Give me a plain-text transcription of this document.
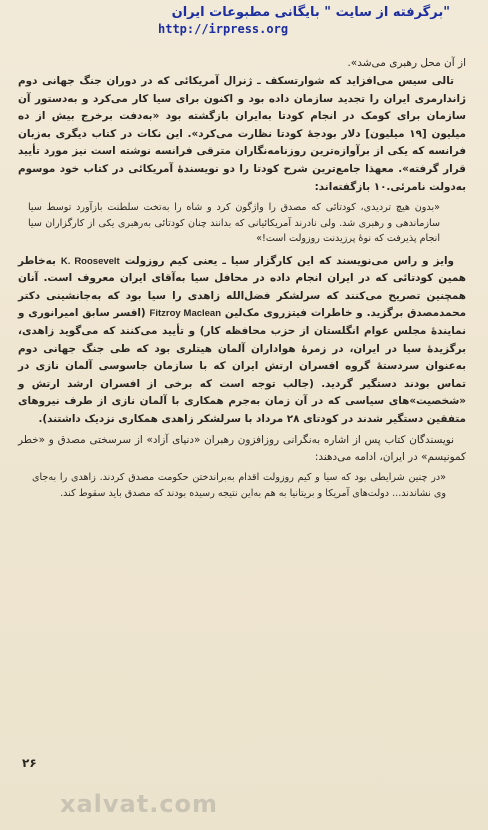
برگرفته از سایت " بایگانی مطبوعات ایران"
http://irpress.org
از آن محل رهبری می‌شد».

تالی سیس می‌افزاید که شوارتسکف ـ ژنرال آمریکائی که در دوران جنگ جهانی دوم ژاندارمری ایران را تجدید سازمان داده بود و اکنون برای سیا کار می‌کرد و به‌دستور آن سازمان برای کومک در انجام کودتا به‌ایران بازگشته بود «به‌دفت برخرج بیش از ده میلیون [۱۹ میلیون] دلار بودجهٔ کودتا نظارت می‌کرد». این نکات در کتاب دیگری به‌زبان فرانسه که یکی از برآوازه‌ترین روزنامه‌نگاران مترقی فرانسه نوشته است نیز مورد تأیید قرار گرفته». معهذا جامع‌ترین شرح کودتا را دو نویسندهٔ آمریکائی در کتاب خود موسوم به‌دولت نامرئی.۱۰ بازگفته‌اند:

«بدون هیچ تردیدی، کودتائی که مصدق را واژگون کرد و شاه را به‌تخت سلطنت بازآورد توسط سیا سازماندهی و رهبری شد. ولی نادرند آمریکائیانی که بدانند چنان کودتائی به‌رهبری یکی از کارگزاران سیا انجام پذیرفت که نوهٔ پرزیدنت روزولت است!»

وایز و راس می‌نویسند که این کارگزار سیا ـ یعنی کیم روزولت K. Roosevelt به‌خاطر همین کودتائی که در ایران انجام داده در محافل سیا به‌آقای ایران معروف است. آنان همچنین تصریح می‌کنند که سرلشکر فضل‌الله زاهدی را سیا بود که به‌جانشینی دکتر محمدمصدق برگزید. و خاطرات فیتزروی مک‌لین Fitzroy Maclean (افسر سابق امیرانوری و نمایندهٔ مجلس عوام انگلستان از حزب محافظه کار) و تأیید می‌کنند که می‌گوید زاهدی، برگزیدهٔ سیا در ایران، در زمرهٔ هواداران آلمان هیتلری بود که طی جنگ جهانی دوم به‌عنوان سردستهٔ گروه افسران ارتش ایران که با سازمان جاسوسی آلمان نازی در تماس بودند دستگیر گردید. (جالب توجه است که برخی از افسران ارشد ارتش و «شخصیت»های سیاسی که در آن زمان به‌جرم همکاری با آلمان نازی از طرف نیروهای متفقین دستگیر شدند در کودتای ۲۸ مرداد با سرلشکر زاهدی همکاری نزدیک داشتند).

نویسندگان کتاب پس از اشاره به‌نگرانی روزافزون رهبران «دنیای آزاد» از سرسختی مصدق و «خطر کمونیسم» در ایران، ادامه می‌دهند:

«در چنین شرایطی بود که سیا و کیم روزولت اقدام به‌براندختن حکومت مصدق کردند. زاهدی را به‌جای وی نشاندند... دولت‌های آمریکا و بریتانیا به هم به‌این نتیجه رسیده بودند که مصدق باید سقوط کند.
۲۶
xalvat.com
